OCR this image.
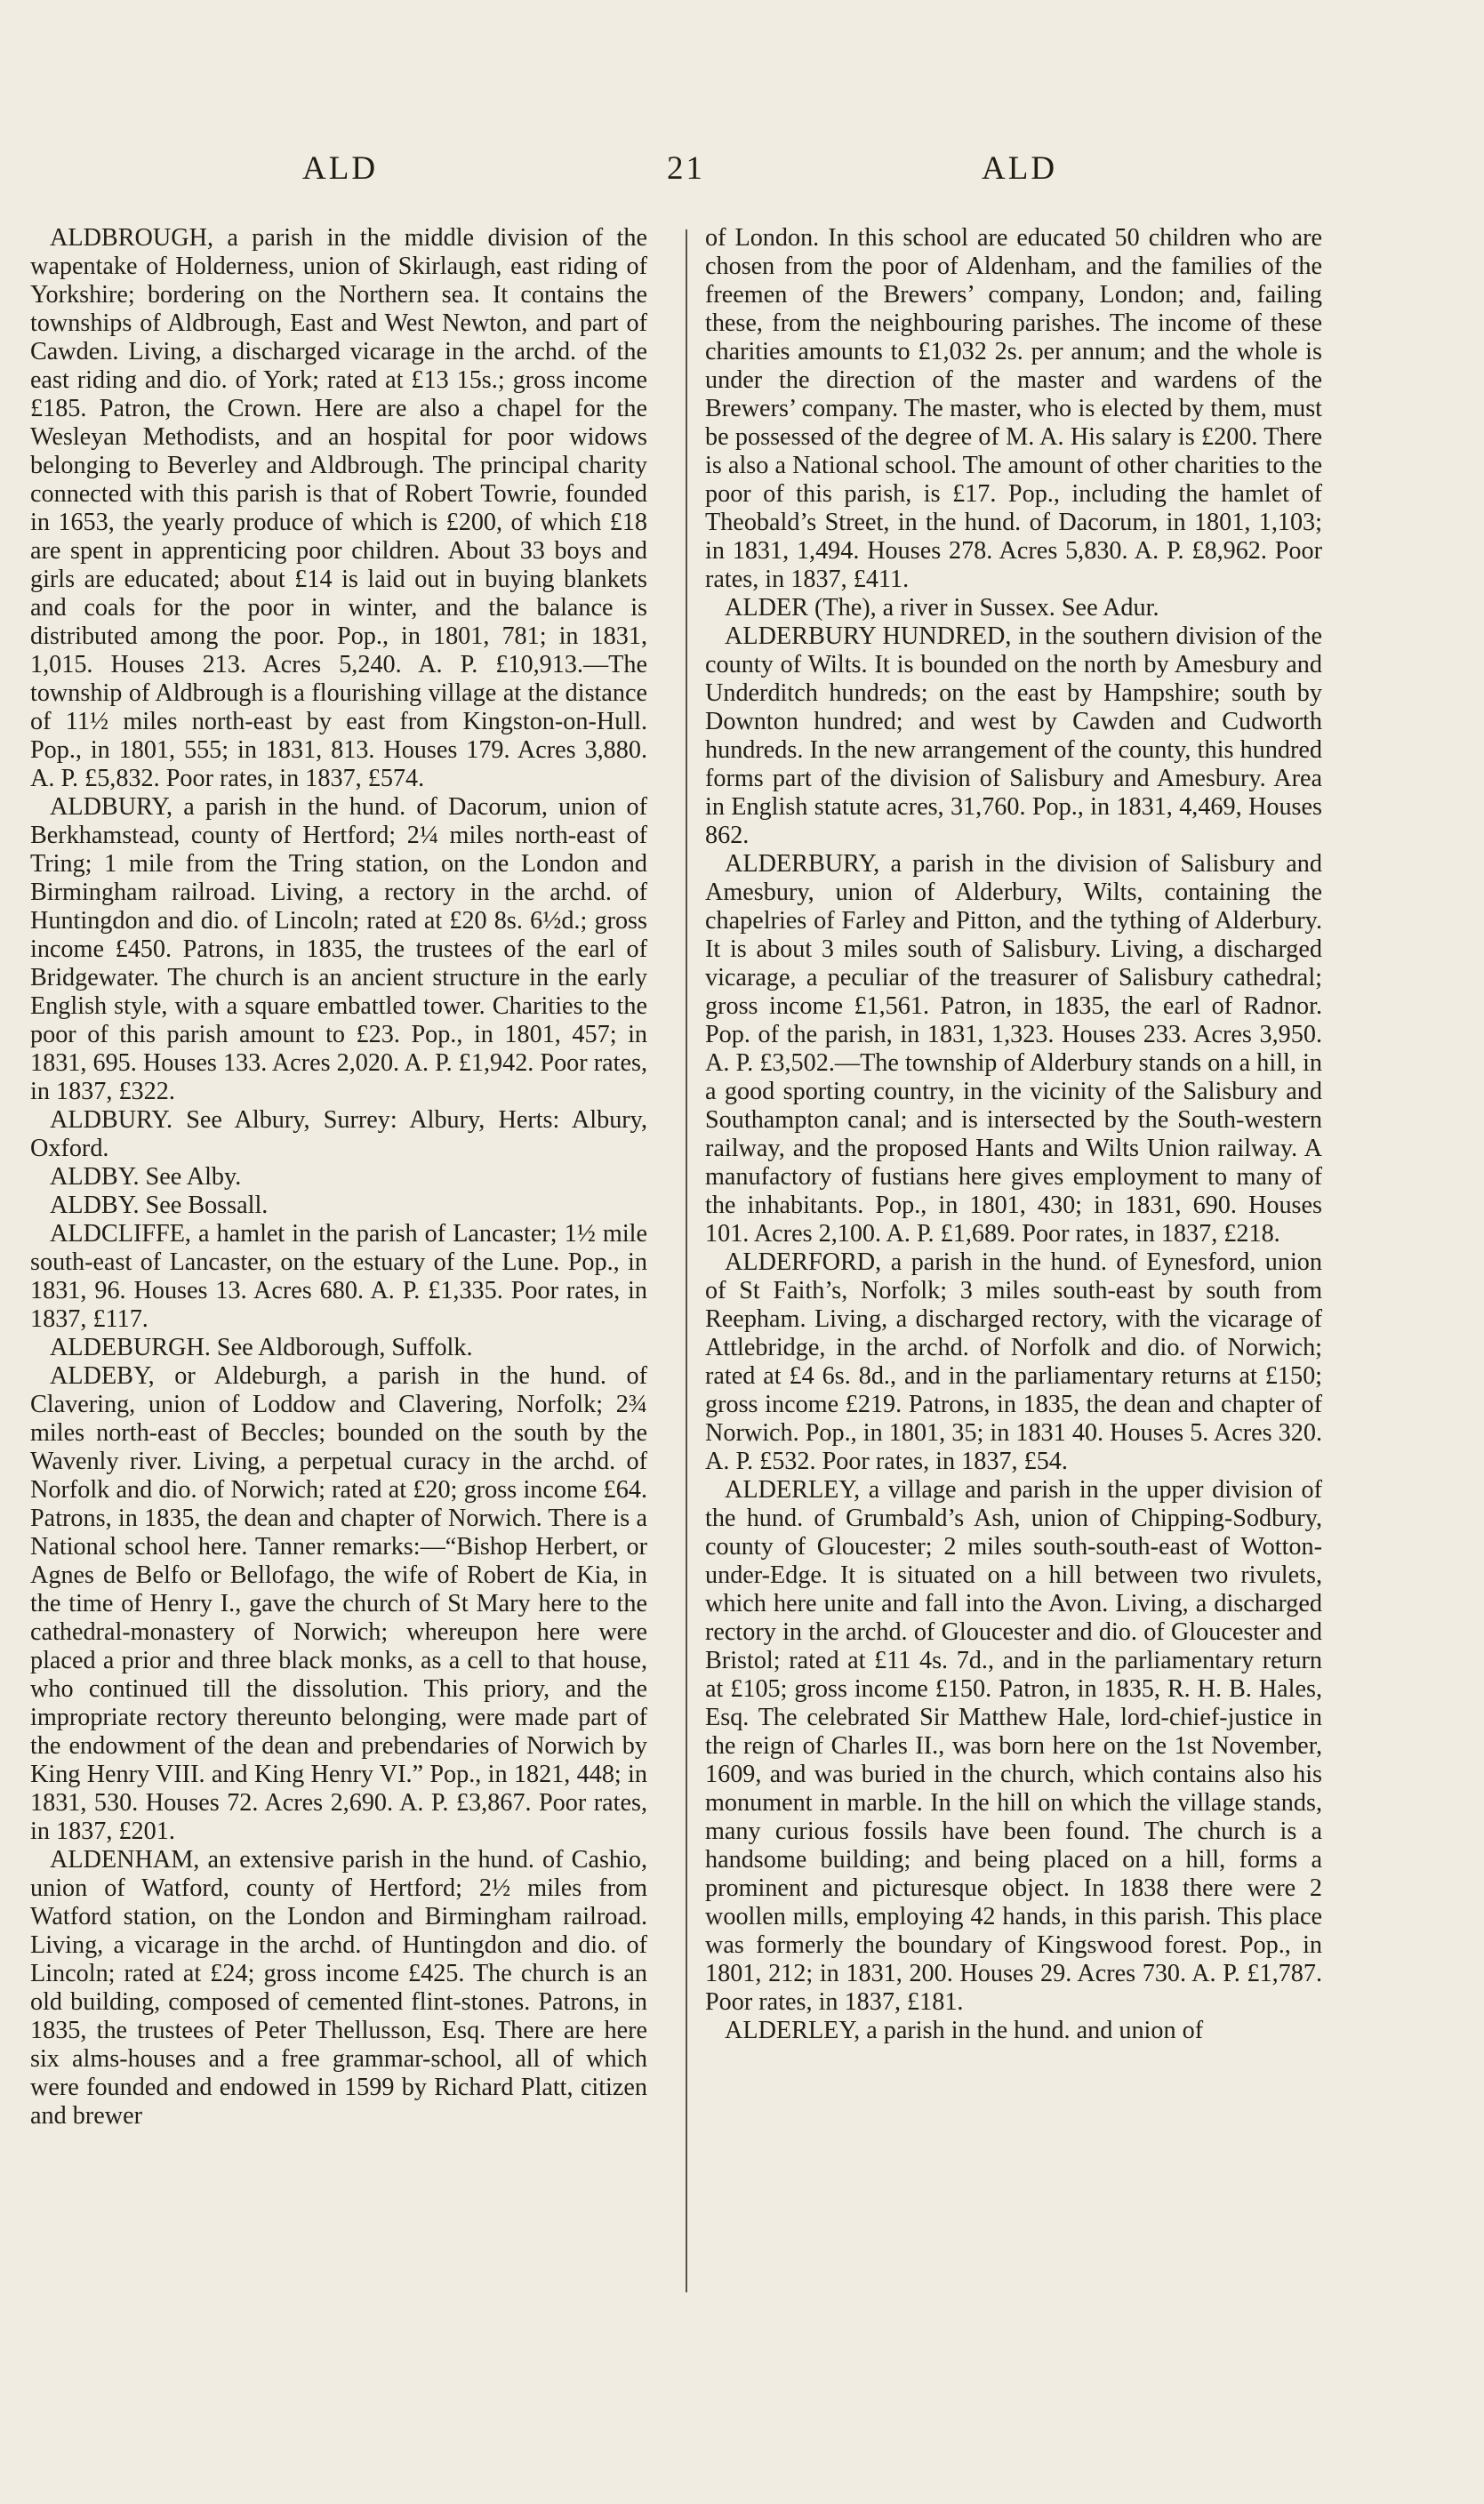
ALD	21	ALD

ALDBROUGH, a parish in the middle division of the wapentake of Holderness, union of Skirlaugh, east riding of Yorkshire; bordering on the Northern sea. It contains the townships of Aldbrough, East and West Newton, and part of Cawden. Living, a discharged vicarage in the archd. of the east riding and dio. of York; rated at £13 15s.; gross income £185. Patron, the Crown. Here are also a chapel for the Wesleyan Methodists, and an hospital for poor widows belonging to Beverley and Aldbrough. The principal charity connected with this parish is that of Robert Towrie, founded in 1653, the yearly produce of which is £200, of which £18 are spent in apprenticing poor children. About 33 boys and girls are educated; about £14 is laid out in buying blankets and coals for the poor in winter, and the balance is distributed among the poor. Pop., in 1801, 781; in 1831, 1,015. Houses 213. Acres 5,240. A. P. £10,913.—The township of Aldbrough is a flourishing village at the distance of 11½ miles north-east by east from Kingston-on-Hull. Pop., in 1801, 555; in 1831, 813. Houses 179. Acres 3,880. A. P. £5,832. Poor rates, in 1837, £574.

ALDBURY, a parish in the hund. of Dacorum, union of Berkhamstead, county of Hertford; 2¼ miles north-east of Tring; 1 mile from the Tring station, on the London and Birmingham railroad. Living, a rectory in the archd. of Huntingdon and dio. of Lincoln; rated at £20 8s. 6½d.; gross income £450. Patrons, in 1835, the trustees of the earl of Bridgewater. The church is an ancient structure in the early English style, with a square embattled tower. Charities to the poor of this parish amount to £23. Pop., in 1801, 457; in 1831, 695. Houses 133. Acres 2,020. A. P. £1,942. Poor rates, in 1837, £322.

ALDBURY. See Albury, Surrey: Albury, Herts: Albury, Oxford.

ALDBY. See Alby.

ALDBY. See Bossall.

ALDCLIFFE, a hamlet in the parish of Lancaster; 1½ mile south-east of Lancaster, on the estuary of the Lune. Pop., in 1831, 96. Houses 13. Acres 680. A. P. £1,335. Poor rates, in 1837, £117.

ALDEBURGH. See Aldborough, Suffolk.

ALDEBY, or Aldeburgh, a parish in the hund. of Clavering, union of Loddow and Clavering, Norfolk; 2¾ miles north-east of Beccles; bounded on the south by the Wavenly river. Living, a perpetual curacy in the archd. of Norfolk and dio. of Norwich; rated at £20; gross income £64. Patrons, in 1835, the dean and chapter of Norwich. There is a National school here. Tanner remarks:—“Bishop Herbert, or Agnes de Belfo or Bellofago, the wife of Robert de Kia, in the time of Henry I., gave the church of St Mary here to the cathedral-monastery of Norwich; whereupon here were placed a prior and three black monks, as a cell to that house, who continued till the dissolution. This priory, and the impropriate rectory thereunto belonging, were made part of the endowment of the dean and prebendaries of Norwich by King Henry VIII. and King Henry VI.” Pop., in 1821, 448; in 1831, 530. Houses 72. Acres 2,690. A. P. £3,867. Poor rates, in 1837, £201.

ALDENHAM, an extensive parish in the hund. of Cashio, union of Watford, county of Hertford; 2½ miles from Watford station, on the London and Birmingham railroad. Living, a vicarage in the archd. of Huntingdon and dio. of Lincoln; rated at £24; gross income £425. The church is an old building, composed of cemented flint-stones. Patrons, in 1835, the trustees of Peter Thellusson, Esq. There are here six alms-houses and a free grammar-school, all of which were founded and endowed in 1599 by Richard Platt, citizen and brewer

of London. In this school are educated 50 children who are chosen from the poor of Aldenham, and the families of the freemen of the Brewers’ company, London; and, failing these, from the neighbouring parishes. The income of these charities amounts to £1,032 2s. per annum; and the whole is under the direction of the master and wardens of the Brewers’ company. The master, who is elected by them, must be possessed of the degree of M. A. His salary is £200. There is also a National school. The amount of other charities to the poor of this parish, is £17. Pop., including the hamlet of Theobald’s Street, in the hund. of Dacorum, in 1801, 1,103; in 1831, 1,494. Houses 278. Acres 5,830. A. P. £8,962. Poor rates, in 1837, £411.

ALDER (The), a river in Sussex. See Adur.

ALDERBURY HUNDRED, in the southern division of the county of Wilts. It is bounded on the north by Amesbury and Underditch hundreds; on the east by Hampshire; south by Downton hundred; and west by Cawden and Cudworth hundreds. In the new arrangement of the county, this hundred forms part of the division of Salisbury and Amesbury. Area in English statute acres, 31,760. Pop., in 1831, 4,469, Houses 862.

ALDERBURY, a parish in the division of Salisbury and Amesbury, union of Alderbury, Wilts, containing the chapelries of Farley and Pitton, and the tything of Alderbury. It is about 3 miles south of Salisbury. Living, a discharged vicarage, a peculiar of the treasurer of Salisbury cathedral; gross income £1,561. Patron, in 1835, the earl of Radnor. Pop. of the parish, in 1831, 1,323. Houses 233. Acres 3,950. A. P. £3,502.—The township of Alderbury stands on a hill, in a good sporting country, in the vicinity of the Salisbury and Southampton canal; and is intersected by the South-western railway, and the proposed Hants and Wilts Union railway. A manufactory of fustians here gives employment to many of the inhabitants. Pop., in 1801, 430; in 1831, 690. Houses 101. Acres 2,100. A. P. £1,689. Poor rates, in 1837, £218.

ALDERFORD, a parish in the hund. of Eynesford, union of St Faith’s, Norfolk; 3 miles south-east by south from Reepham. Living, a discharged rectory, with the vicarage of Attlebridge, in the archd. of Norfolk and dio. of Norwich; rated at £4 6s. 8d., and in the parliamentary returns at £150; gross income £219. Patrons, in 1835, the dean and chapter of Norwich. Pop., in 1801, 35; in 1831 40. Houses 5. Acres 320. A. P. £532. Poor rates, in 1837, £54.

ALDERLEY, a village and parish in the upper division of the hund. of Grumbald’s Ash, union of Chipping-Sodbury, county of Gloucester; 2 miles south-south-east of Wotton-under-Edge. It is situated on a hill between two rivulets, which here unite and fall into the Avon. Living, a discharged rectory in the archd. of Gloucester and dio. of Gloucester and Bristol; rated at £11 4s. 7d., and in the parliamentary return at £105; gross income £150. Patron, in 1835, R. H. B. Hales, Esq. The celebrated Sir Matthew Hale, lord-chief-justice in the reign of Charles II., was born here on the 1st November, 1609, and was buried in the church, which contains also his monument in marble. In the hill on which the village stands, many curious fossils have been found. The church is a handsome building; and being placed on a hill, forms a prominent and picturesque object. In 1838 there were 2 woollen mills, employing 42 hands, in this parish. This place was formerly the boundary of Kingswood forest. Pop., in 1801, 212; in 1831, 200. Houses 29. Acres 730. A. P. £1,787. Poor rates, in 1837, £181.

ALDERLEY, a parish in the hund. and union of
